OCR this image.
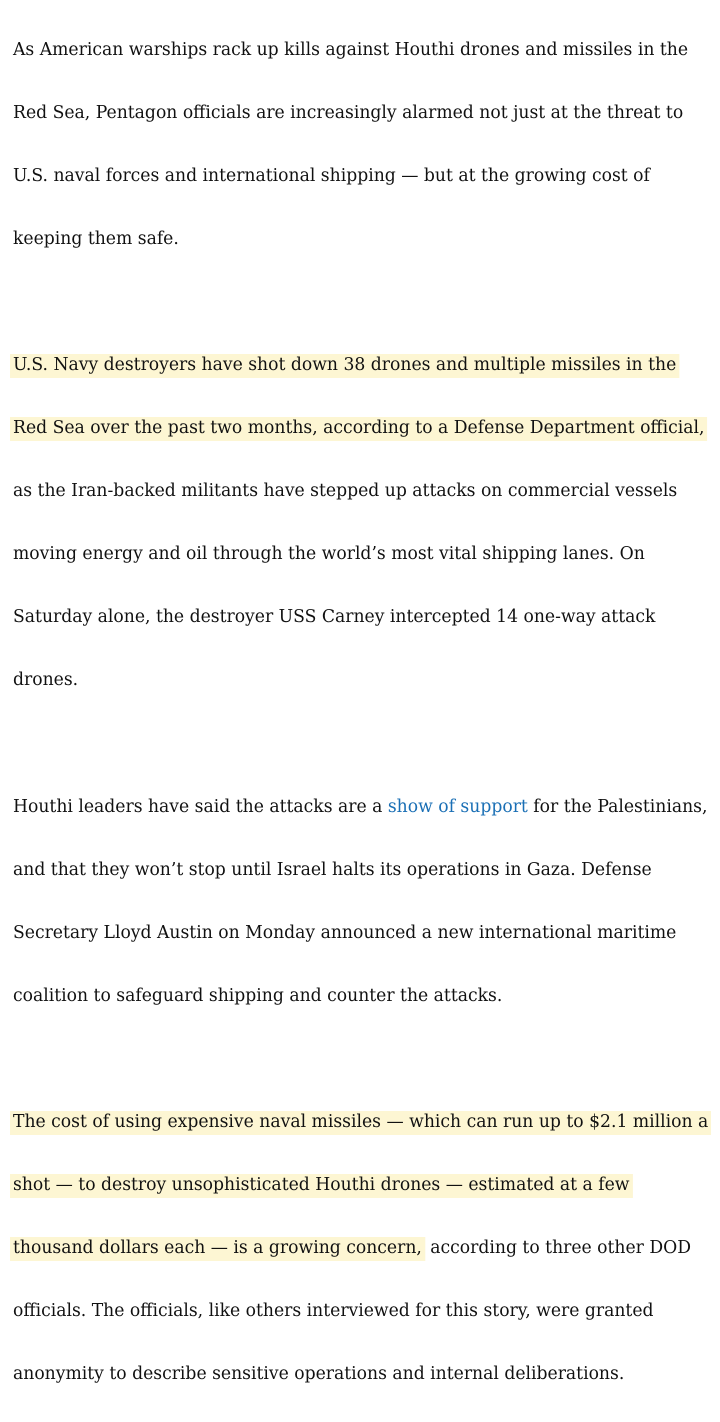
As American warships rack up kills against Houthi drones and missiles in the

Red Sea, Pentagon officials are increasingly alarmed not just at the threat to

U.S. naval forces and international shipping — but at the growing cost of

keeping them safe.

U.S. Navy destroyers have shot down 38 drones and multiple missiles in the

Red Sea over the past two months, according to a Defense Department official,

as the Iran-backed militants have stepped up attacks on commercial vessels

moving energy and oil through the world’s most vital shipping lanes. On

Saturday alone, the destroyer USS Carney intercepted 14 one-way attack

drones.

Houthi leaders have said the attacks are a show of support for the Palestinians,

and that they won’t stop until Israel halts its operations in Gaza. Defense

Secretary Lloyd Austin on Monday announced a new international maritime

coalition to safeguard shipping and counter the attacks.

The cost of using expensive naval missiles — which can run up to $2.1 million a

shot — to destroy unsophisticated Houthi drones — estimated at a few

thousand dollars each — is a growing concern, according to three other DOD

officials. The officials, like others interviewed for this story, were granted

anonymity to describe sensitive operations and internal deliberations.
